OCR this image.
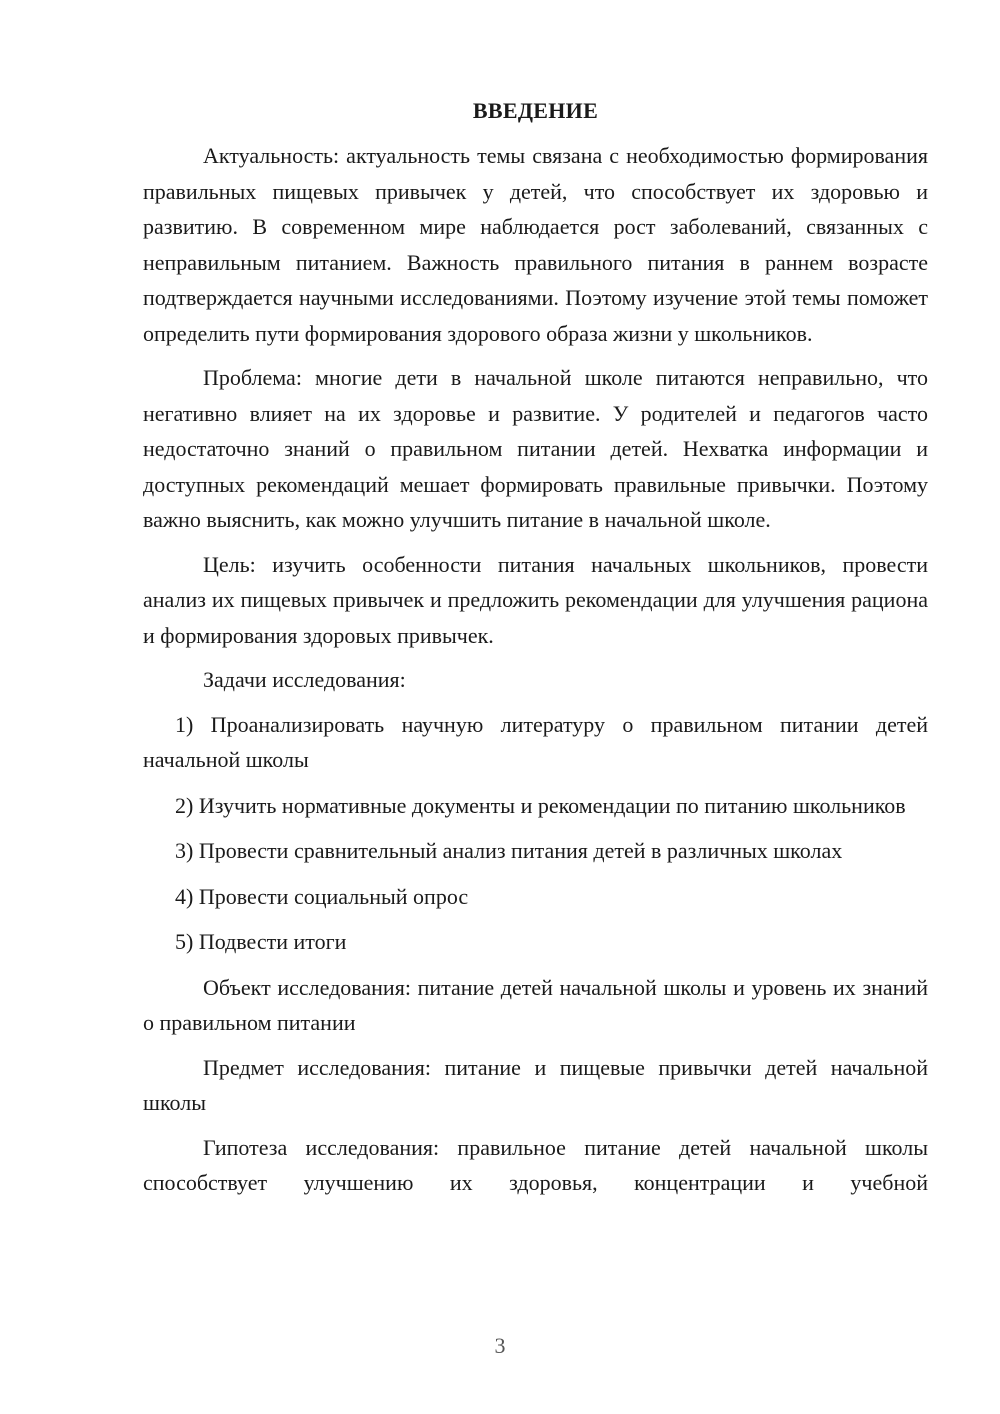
ВВЕДЕНИЕ

Актуальность: актуальность темы связана с необходимостью формирования правильных пищевых привычек у детей, что способствует их здоровью и развитию. В современном мире наблюдается рост заболеваний, связанных с неправильным питанием. Важность правильного питания в раннем возрасте подтверждается научными исследованиями. Поэтому изучение этой темы поможет определить пути формирования здорового образа жизни у школьников.

Проблема: многие дети в начальной школе питаются неправильно, что негативно влияет на их здоровье и развитие. У родителей и педагогов часто недостаточно знаний о правильном питании детей. Нехватка информации и доступных рекомендаций мешает формировать правильные привычки. Поэтому важно выяснить, как можно улучшить питание в начальной школе.

Цель: изучить особенности питания начальных школьников, провести анализ их пищевых привычек и предложить рекомендации для улучшения рациона и формирования здоровых привычек.

Задачи исследования:

1) Проанализировать научную литературу о правильном питании детей начальной школы

2) Изучить нормативные документы и рекомендации по питанию школьников

3) Провести сравнительный анализ питания детей в различных школах

4) Провести социальный опрос

5) Подвести итоги

Объект исследования: питание детей начальной школы и уровень их знаний о правильном питании

Предмет исследования: питание и пищевые привычки детей начальной школы

Гипотеза исследования: правильное питание детей начальной школы способствует улучшению их здоровья, концентрации и учебной

3
